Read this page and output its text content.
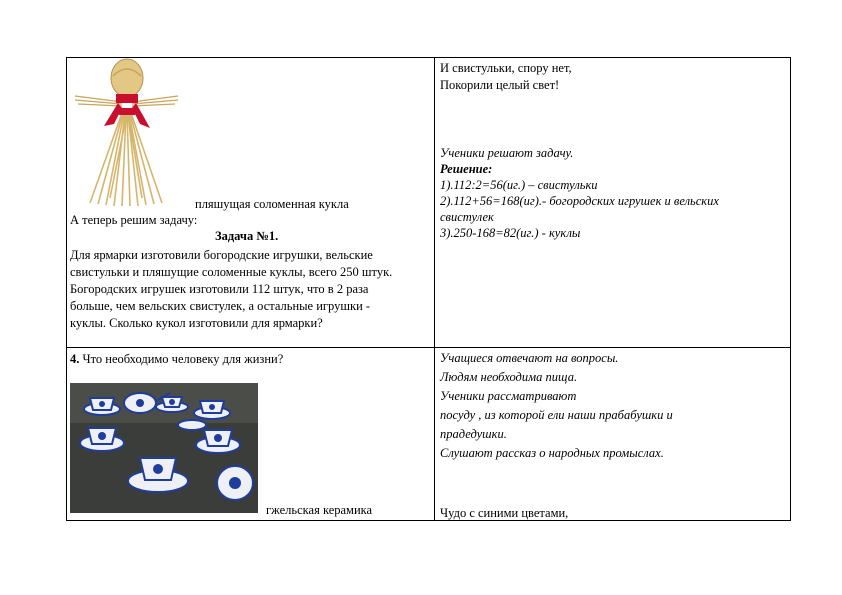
пляшущая соломенная кукла
А теперь решим задачу:
Задача №1.
Для ярмарки изготовили богородские игрушки, вельские
свистульки и пляшущие соломенные куклы, всего 250 штук.
Богородских игрушек изготовили 112 штук, что в 2 раза
больше, чем вельских свистулек, а остальные игрушки -
куклы. Сколько кукол изготовили для ярмарки?
И свистульки, спору нет,
Покорили целый свет!
Ученики решают задачу.
Решение:
1).112:2=56(иг.) – свистульки
2).112+56=168(иг).- богородских игрушек и вельских
свистулек
3).250-168=82(иг.) - куклы
4. Что необходимо человеку для жизни?
гжельская керамика
Учащиеся отвечают на вопросы.
Людям необходима пища.
Ученики рассматривают
посуду , из которой ели наши прабабушки и
прадедушки.
Слушают рассказ о народных промыслах.
Чудо с синими цветами,
